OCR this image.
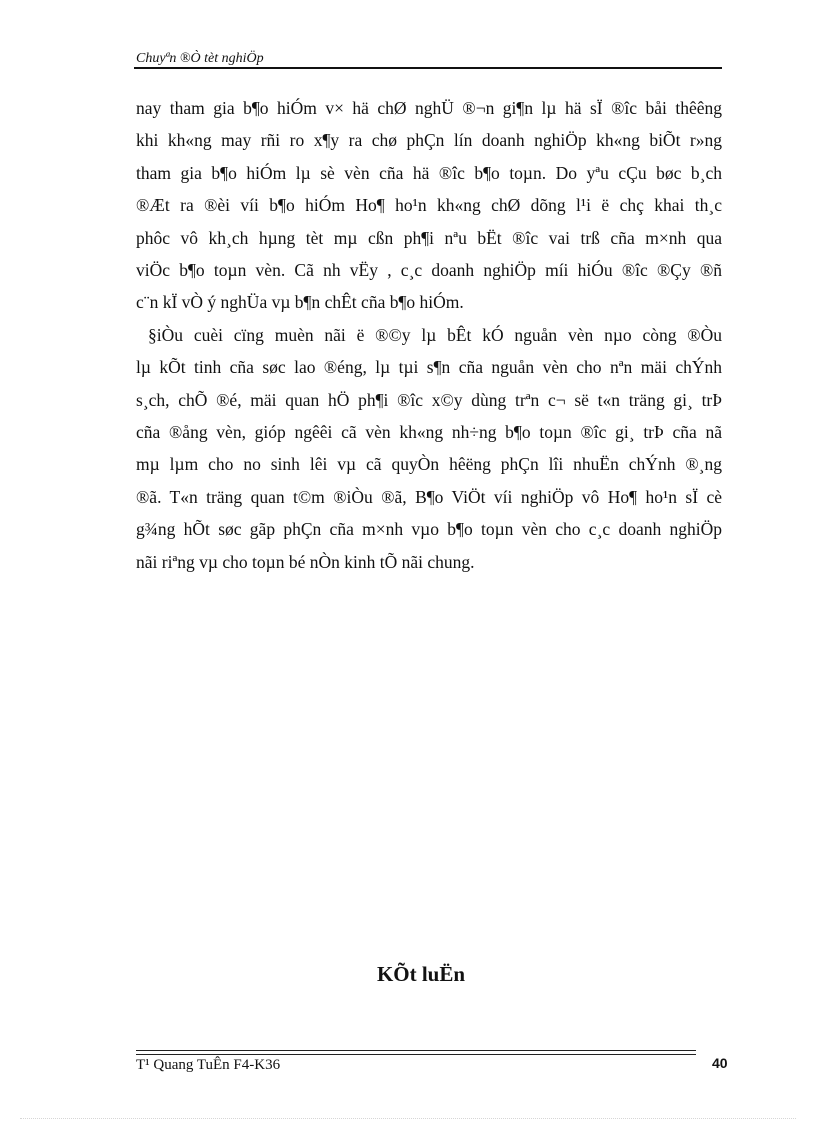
Chuyªn ®Ò tèt nghiÖp
nay tham gia b¶o hiÓm v× hä chØ nghÜ ®¬n gi¶n lµ hä sÏ ®îc båi thêêng
khi kh«ng may rñi ro x¶y ra chø phÇn lín doanh nghiÖp kh«ng biÕt r»ng
tham gia b¶o hiÓm lµ sè vèn cña hä ®îc b¶o toµn. Do yªu cÇu bøc b¸ch
®Æt ra ®èi víi b¶o hiÓm Ho¶ ho¹n kh«ng chØ dõng l¹i ë chç khai th¸c
phôc vô kh¸ch hµng tèt mµ cßn ph¶i nªu bËt ®îc vai trß cña m×nh qua
viÖc b¶o toµn vèn. Cã nh vËy , c¸c doanh nghiÖp míi hiÓu ®îc ®Çy ®ñ
c¨n kÏ vÒ ý nghÜa vµ b¶n chÊt cña b¶o hiÓm.
§iÒu cuèi cïng muèn nãi ë ®©y lµ bÊt kÓ nguån vèn nµo còng ®Òu
lµ kÕt tinh cña søc lao ®éng, lµ tµi s¶n cña nguån vèn cho nªn mäi chÝnh
s¸ch, chÕ ®é, mäi quan hÖ ph¶i ®îc x©y dùng trªn c¬ së t«n träng gi¸ trÞ
cña ®ång vèn, gióp ngêêi cã vèn kh«ng nh÷ng b¶o toµn ®îc gi¸ trÞ cña nã
mµ lµm cho no sinh lêi vµ cã quyÒn hêëng phÇn lîi nhuËn chÝnh ®¸ng
®ã. T«n träng quan t©m ®iÒu ®ã, B¶o ViÖt víi nghiÖp vô Ho¶ ho¹n sÏ cè
g¾ng hÕt søc gãp phÇn cña m×nh vµo b¶o toµn vèn cho c¸c doanh nghiÖp
nãi riªng vµ cho toµn bé nÒn kinh tÕ nãi chung.
KÕt luËn
T¹ Quang TuÊn F4-K36	40
